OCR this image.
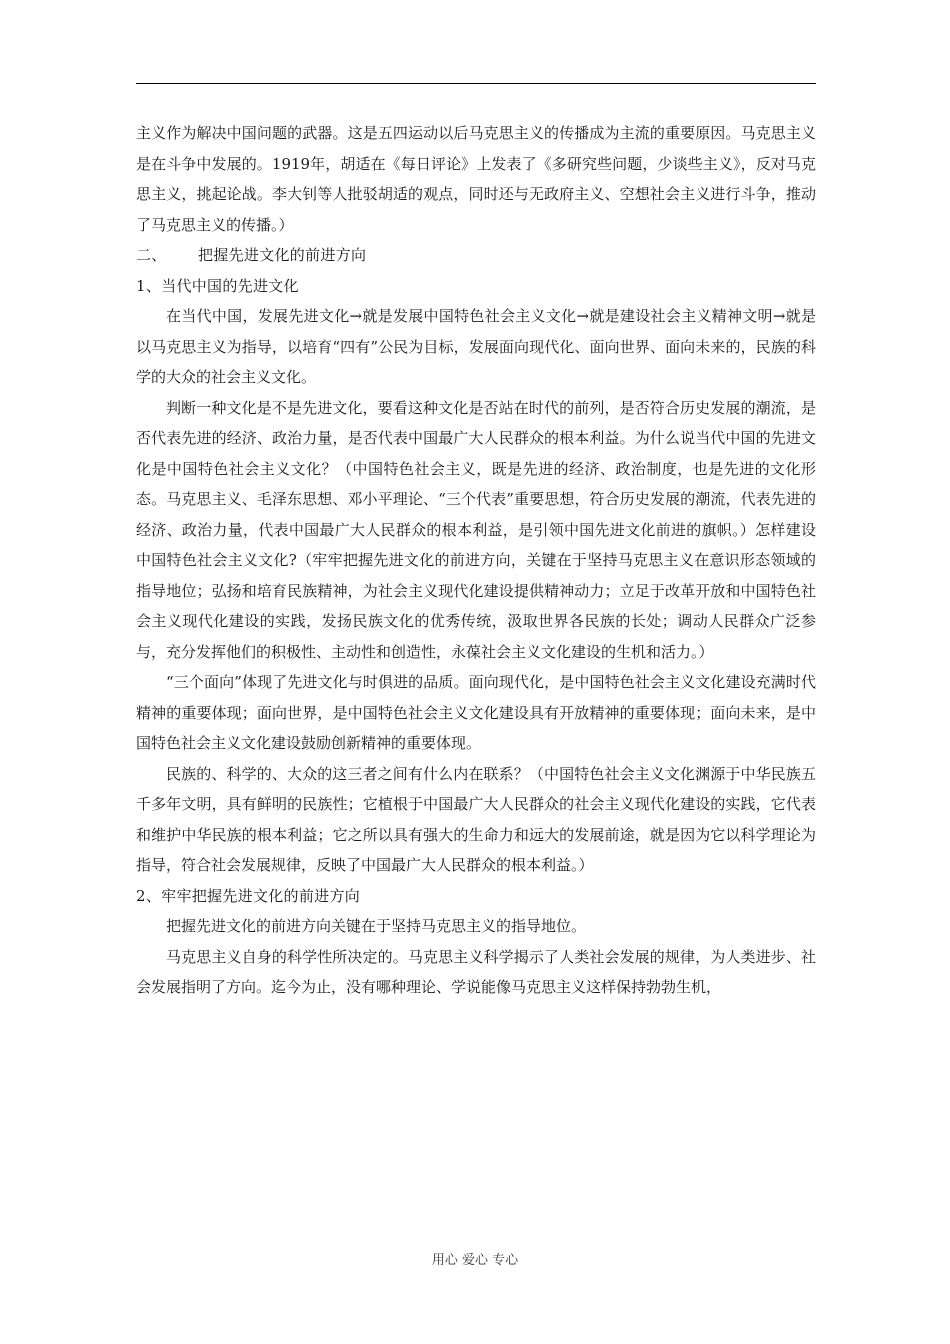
主义作为解决中国问题的武器。这是五四运动以后马克思主义的传播成为主流的重要原因。马克思主义是在斗争中发展的。1919年，胡适在《每日评论》上发表了《多研究些问题，少谈些主义》，反对马克思主义，挑起论战。李大钊等人批驳胡适的观点，同时还与无政府主义、空想社会主义进行斗争，推动了马克思主义的传播。）

二、 把握先进文化的前进方向

1、当代中国的先进文化

在当代中国，发展先进文化→就是发展中国特色社会主义文化→就是建设社会主义精神文明→就是以马克思主义为指导，以培育“四有”公民为目标，发展面向现代化、面向世界、面向未来的，民族的科学的大众的社会主义文化。

判断一种文化是不是先进文化，要看这种文化是否站在时代的前列，是否符合历史发展的潮流，是否代表先进的经济、政治力量，是否代表中国最广大人民群众的根本利益。为什么说当代中国的先进文化是中国特色社会主义文化？（中国特色社会主义，既是先进的经济、政治制度，也是先进的文化形态。马克思主义、毛泽东思想、邓小平理论、“三个代表”重要思想，符合历史发展的潮流，代表先进的经济、政治力量，代表中国最广大人民群众的根本利益，是引领中国先进文化前进的旗帜。）怎样建设中国特色社会主义文化?（牢牢把握先进文化的前进方向，关键在于坚持马克思主义在意识形态领域的指导地位；弘扬和培育民族精神，为社会主义现代化建设提供精神动力；立足于改革开放和中国特色社会主义现代化建设的实践，发扬民族文化的优秀传统，汲取世界各民族的长处；调动人民群众广泛参与，充分发挥他们的积极性、主动性和创造性，永葆社会主义文化建设的生机和活力。）

“三个面向”体现了先进文化与时俱进的品质。面向现代化，是中国特色社会主义文化建设充满时代精神的重要体现；面向世界，是中国特色社会主义文化建设具有开放精神的重要体现；面向未来，是中国特色社会主义文化建设鼓励创新精神的重要体现。

民族的、科学的、大众的这三者之间有什么内在联系？（中国特色社会主义文化渊源于中华民族五千多年文明，具有鲜明的民族性；它植根于中国最广大人民群众的社会主义现代化建设的实践，它代表和维护中华民族的根本利益；它之所以具有强大的生命力和远大的发展前途，就是因为它以科学理论为指导，符合社会发展规律，反映了中国最广大人民群众的根本利益。）

2、牢牢把握先进文化的前进方向

把握先进文化的前进方向关键在于坚持马克思主义的指导地位。

马克思主义自身的科学性所决定的。马克思主义科学揭示了人类社会发展的规律，为人类进步、社会发展指明了方向。迄今为止，没有哪种理论、学说能像马克思主义这样保持勃勃生机，

用心 爱心 专心
